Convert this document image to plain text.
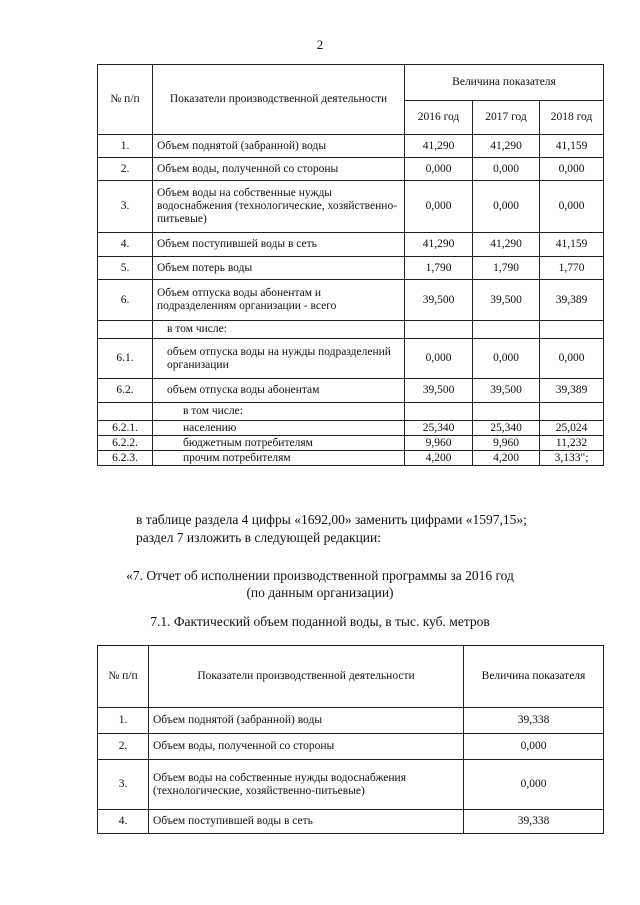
2
№ п/п	Показатели производственной деятельности	Величина показателя		
		2016 год	2017 год	2018 год
1.	Объем поднятой (забранной) воды	41,290	41,290	41,159
2.	Объем воды, полученной со стороны	0,000	0,000	0,000
3.	Объем воды на собственные нужды водоснабжения (технологические, хозяйственно-питьевые)	0,000	0,000	0,000
4.	Объем поступившей воды в сеть	41,290	41,290	41,159
5.	Объем потерь воды	1,790	1,790	1,770
6.	Объем отпуска воды абонентам и подразделениям организации - всего	39,500	39,500	39,389
	в том числе:			
6.1.	объем отпуска воды на нужды подразделений организации	0,000	0,000	0,000
6.2.	объем отпуска воды абонентам	39,500	39,500	39,389
	в том числе:			
6.2.1.	населению	25,340	25,340	25,024
6.2.2.	бюджетным потребителям	9,960	9,960	11,232
6.2.3.	прочим потребителям	4,200	4,200	3,133";
в таблице раздела 4 цифры «1692,00» заменить цифрами «1597,15»;
раздел 7 изложить в следующей редакции:
«7. Отчет об исполнении производственной программы за 2016 год
(по данным организации)
7.1. Фактический объем поданной воды, в тыс. куб. метров
№ п/п	Показатели производственной деятельности	Величина показателя
1.	Объем поднятой (забранной) воды	39,338
2.	Объем воды, полученной со стороны	0,000
3.	Объем воды на собственные нужды водоснабжения (технологические, хозяйственно-питьевые)	0,000
4.	Объем поступившей воды в сеть	39,338
